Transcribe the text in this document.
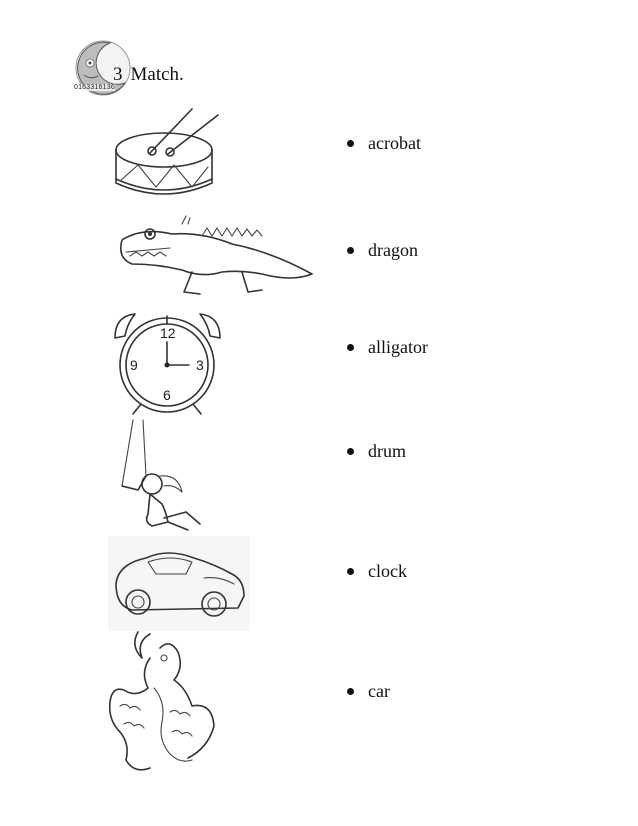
0163316136
3 Match.
12
9	3
6
acrobat
dragon
alligator
drum
clock
car
